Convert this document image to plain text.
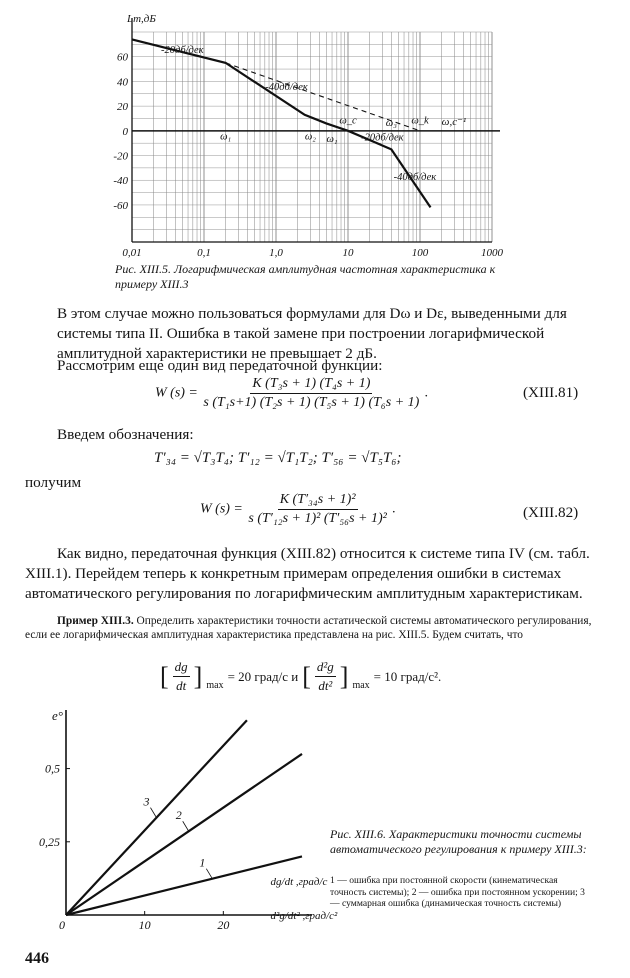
0,01	0,1	1,0	10	100	1000
60
40
20
0
-20
-40
-60
-20дб/дек
-40дб/дек
-20дб/дек
-40дб/дек
ω₁	ω₂ ω₁
ω_c	ω₃ ω_k
Lm,дБ
ω,c⁻¹
Рис. XIII.5. Логарифмическая амплитудная частотная характеристика к примеру XIII.3
В этом случае можно пользоваться формулами для Dω и Dε, выведенными для системы типа II. Ошибка в такой замене при построении логарифмической амплитудной характеристики не превышает 2 дБ.
Рассмотрим еще один вид передаточной функции:
W $(s) = \frac{\text{K (T₃s + 1) (T₄s + 1)}}{\text{s (T₁s+1) (T₂s + 1) (T₅s + 1) (T₆s + 1)}}$ .	(XIII.81)
Введем обозначения:
T′₃₄ = √T₃T₄; T′₁₂ = √T₁T₂; T′₅₆ = √T₅T₆;
получим
W $(s) = \frac{\text{K (T′₃₄s + 1)²}}{\text{s (T′₁₂s + 1)² (T′₅₆s + 1)²}}$ .	(XIII.82)
Как видно, передаточная функция (XIII.82) относится к системе типа IV (см. табл. XIII.1). Перейдем теперь к конкретным примерам определения ошибки в системах автоматического регулирования по логарифмическим амплитудным характеристикам.
Пример XIII.3. Определить характеристики точности астатической системы автоматического регулирования, если ее логарифмическая амплитудная характеристика представлена на рис. XIII.5. Будем считать, что
[ $\frac{dg}{dt}$ ] max
= 20 град/с и [ $\frac{\text{d²g}}{\text{dt²}}$ ] max
= 10 град/с².
0	10	20
0,25
0,5
1
2
3
e°
dg/dt ,град/с
d²g/dt² ,град/с²
Рис. XIII.6. Характеристики точности системы автоматического регулирования к примеру XIII.3:
1 — ошибка при постоянной скорости (кинематическая точность системы); 2 — ошибка при постоянном ускорении; 3 — суммарная ошибка (динамическая точность системы)
446
